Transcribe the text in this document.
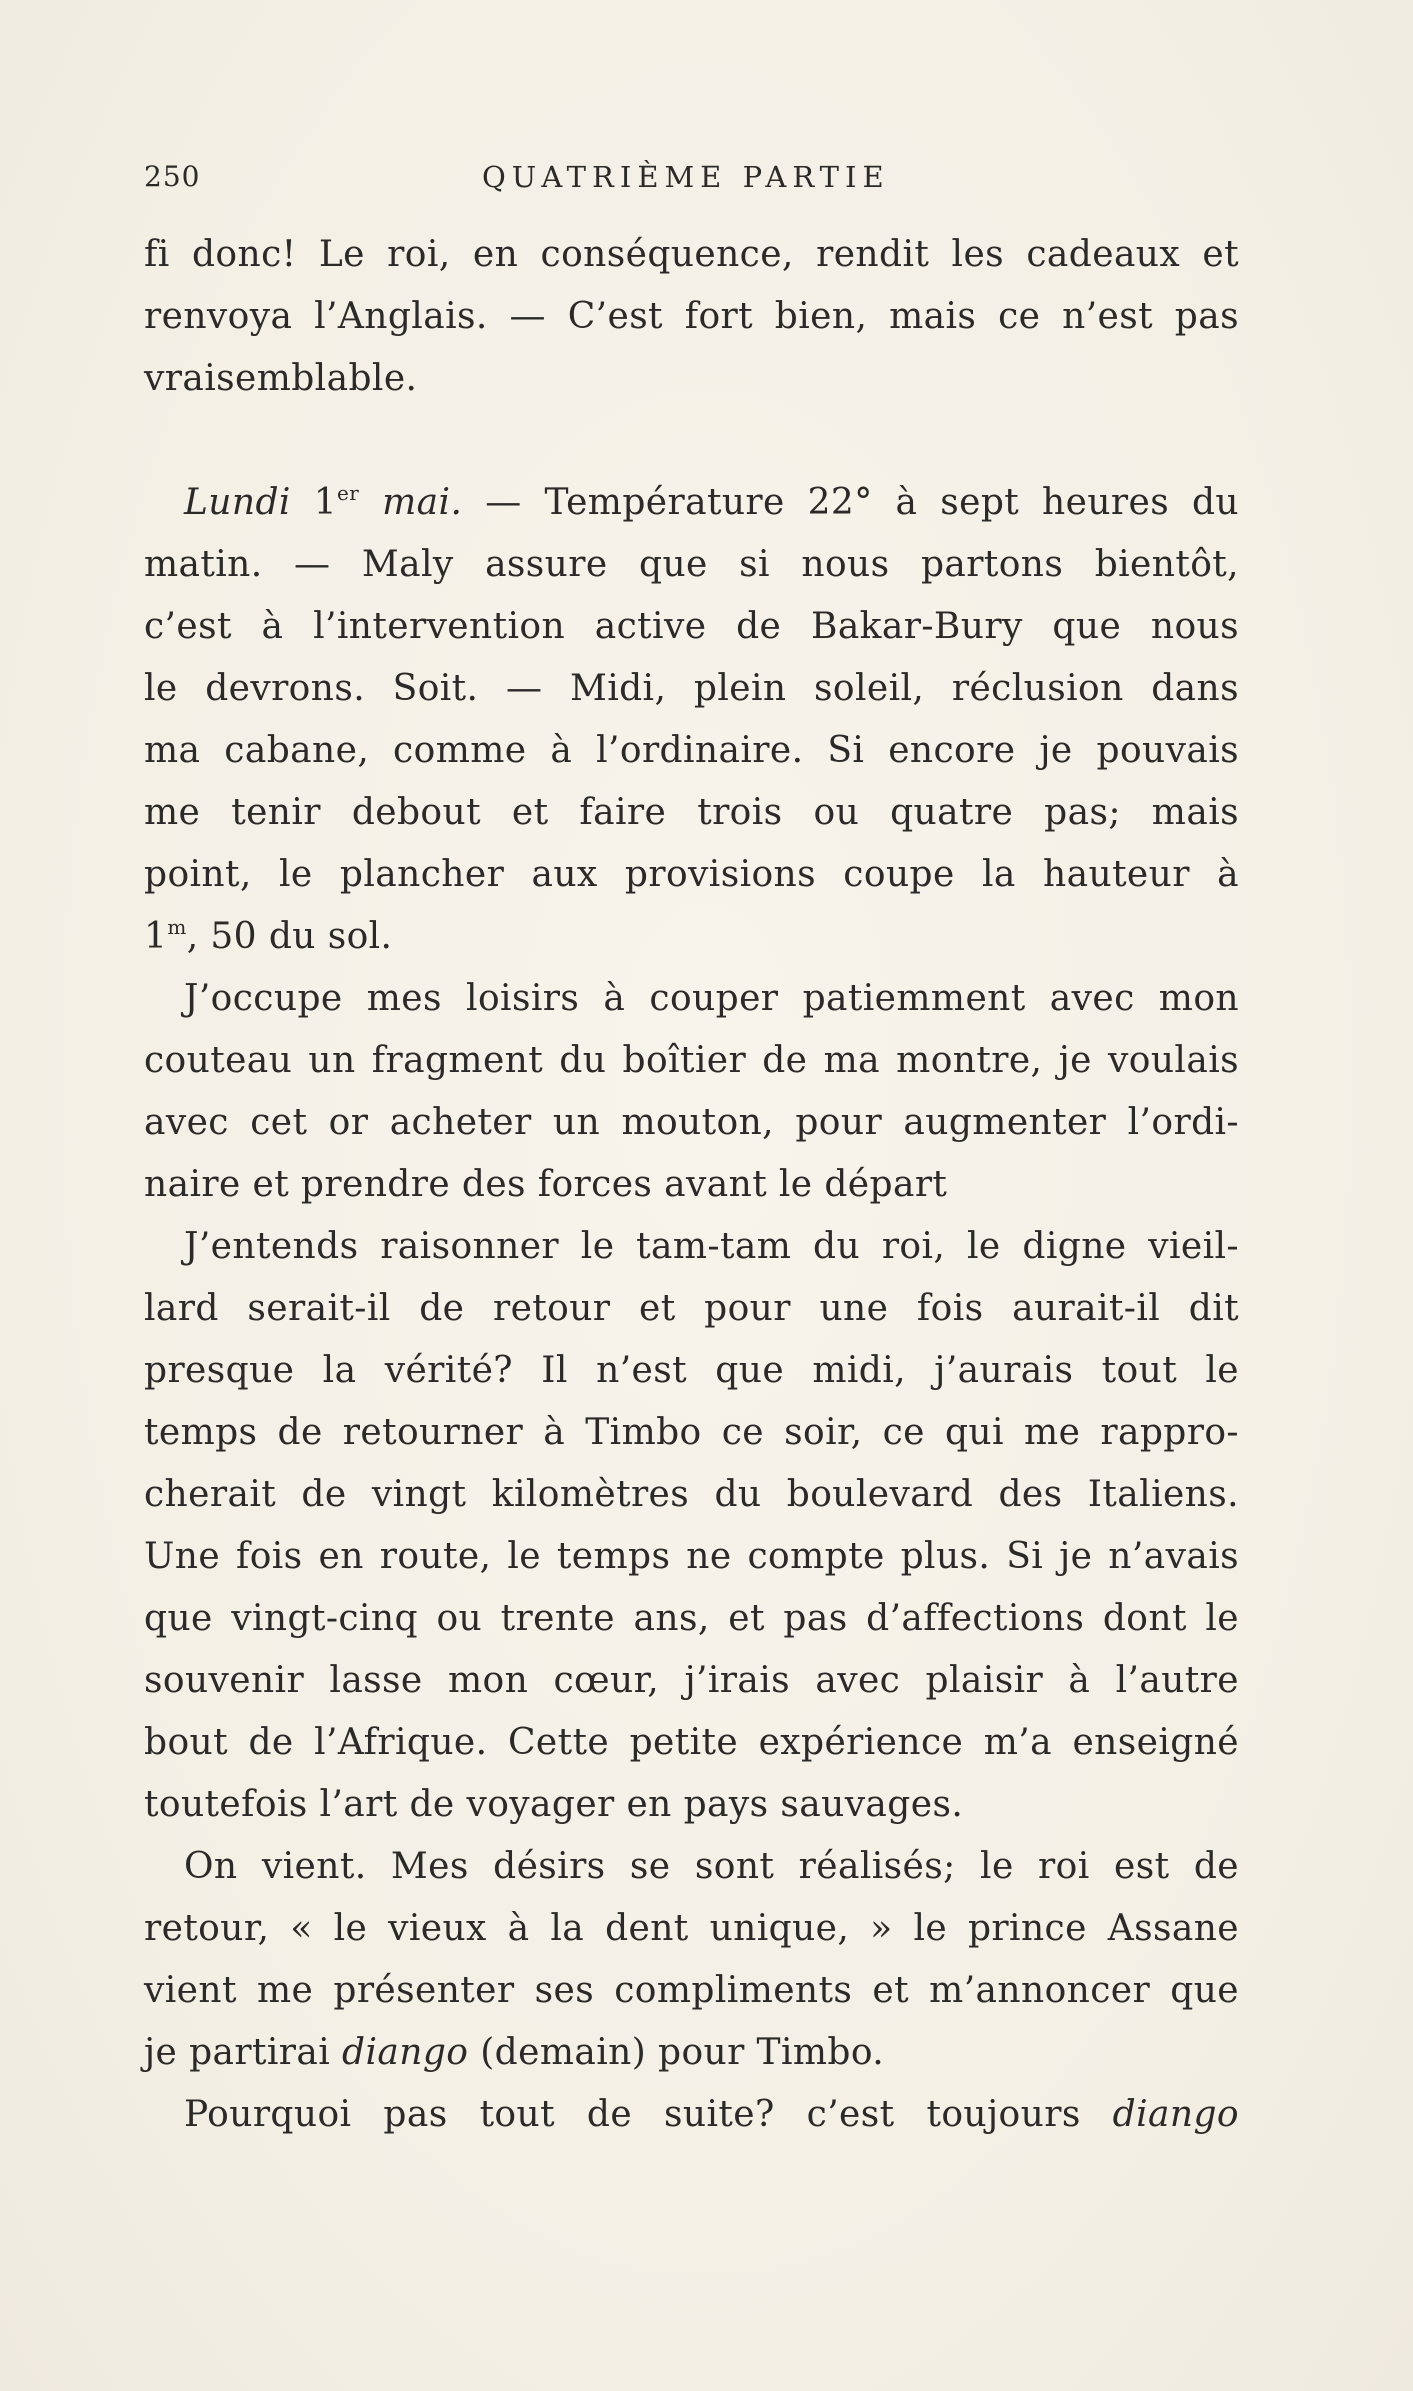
250	QUATRIÈME PARTIE
fi donc! Le roi, en conséquence, rendit les cadeaux et
renvoya l’Anglais. — C’est fort bien, mais ce n’est pas
vraisemblable.
Lundi 1er mai. — Température 22° à sept heures du
matin. — Maly assure que si nous partons bientôt,
c’est à l’intervention active de Bakar-Bury que nous
le devrons. Soit. — Midi, plein soleil, réclusion dans
ma cabane, comme à l’ordinaire. Si encore je pouvais
me tenir debout et faire trois ou quatre pas; mais
point, le plancher aux provisions coupe la hauteur à
1$^m$, 50 du sol.
J’occupe mes loisirs à couper patiemment avec mon
couteau un fragment du boîtier de ma montre, je voulais
avec cet or acheter un mouton, pour augmenter l’ordi-
naire et prendre des forces avant le départ
J’entends raisonner le tam-tam du roi, le digne vieil-
lard serait-il de retour et pour une fois aurait-il dit
presque la vérité? Il n’est que midi, j’aurais tout le
temps de retourner à Timbo ce soir, ce qui me rappro-
cherait de vingt kilomètres du boulevard des Italiens.
Une fois en route, le temps ne compte plus. Si je n’avais
que vingt-cinq ou trente ans, et pas d’affections dont le
souvenir lasse mon cœur, j’irais avec plaisir à l’autre
bout de l’Afrique. Cette petite expérience m’a enseigné
toutefois l’art de voyager en pays sauvages.
On vient. Mes désirs se sont réalisés; le roi est de
retour, « le vieux à la dent unique, » le prince Assane
vient me présenter ses compliments et m’annoncer que
je partirai diango (demain) pour Timbo.
Pourquoi pas tout de suite? c’est toujours diango
